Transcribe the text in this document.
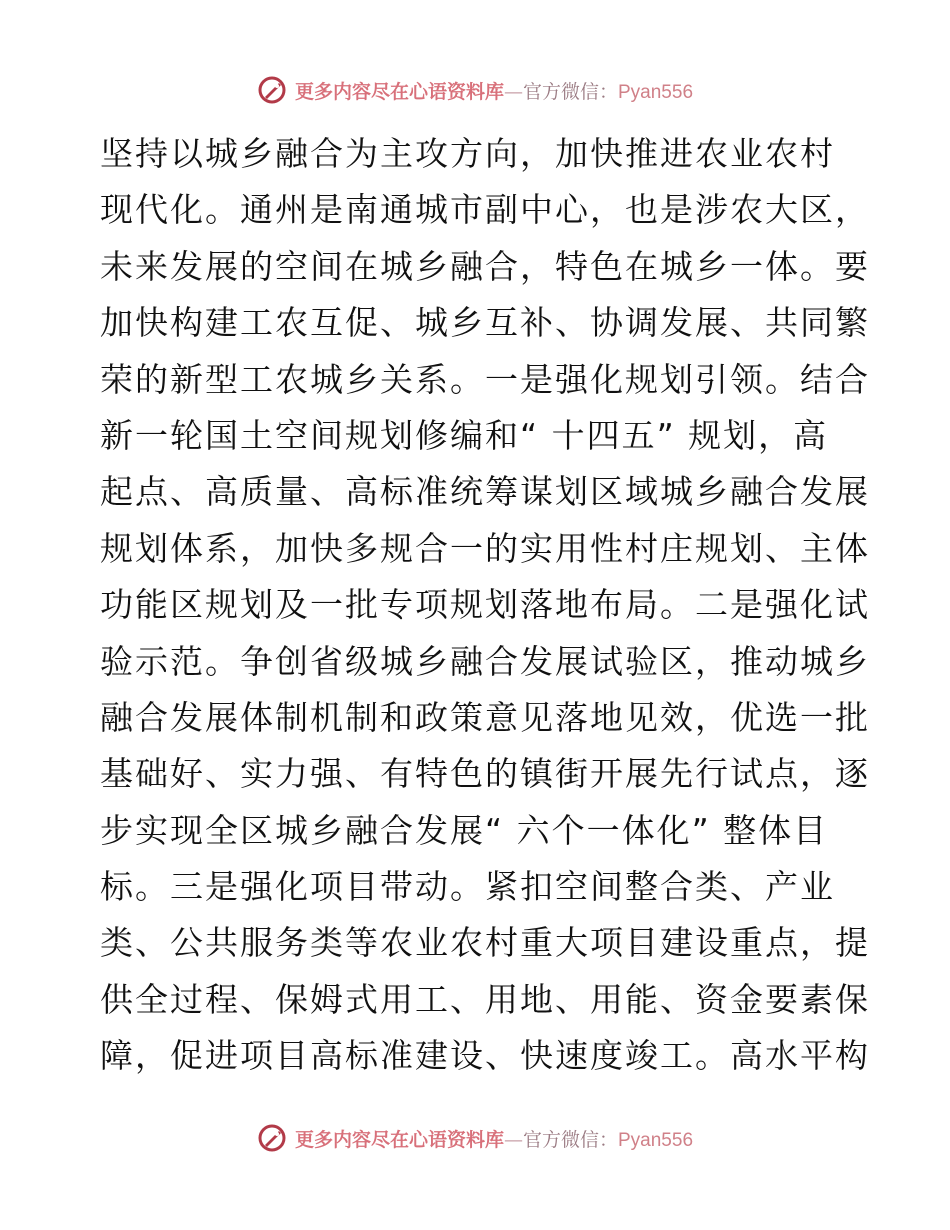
更多内容尽在心语资料库—官方微信：Pyan556
坚持以城乡融合为主攻方向，加快推进农业农村
现代化。通州是南通城市副中心，也是涉农大区，
未来发展的空间在城乡融合，特色在城乡一体。要
加快构建工农互促、城乡互补、协调发展、共同繁
荣的新型工农城乡关系。一是强化规划引领。结合
新一轮国土空间规划修编和“ 十四五” 规划，高
起点、高质量、高标准统筹谋划区域城乡融合发展
规划体系，加快多规合一的实用性村庄规划、主体
功能区规划及一批专项规划落地布局。二是强化试
验示范。争创省级城乡融合发展试验区，推动城乡
融合发展体制机制和政策意见落地见效，优选一批
基础好、实力强、有特色的镇街开展先行试点，逐
步实现全区城乡融合发展“ 六个一体化” 整体目
标。三是强化项目带动。紧扣空间整合类、产业
类、公共服务类等农业农村重大项目建设重点，提
供全过程、保姆式用工、用地、用能、资金要素保
障，促进项目高标准建设、快速度竣工。高水平构
更多内容尽在心语资料库—官方微信：Pyan556
